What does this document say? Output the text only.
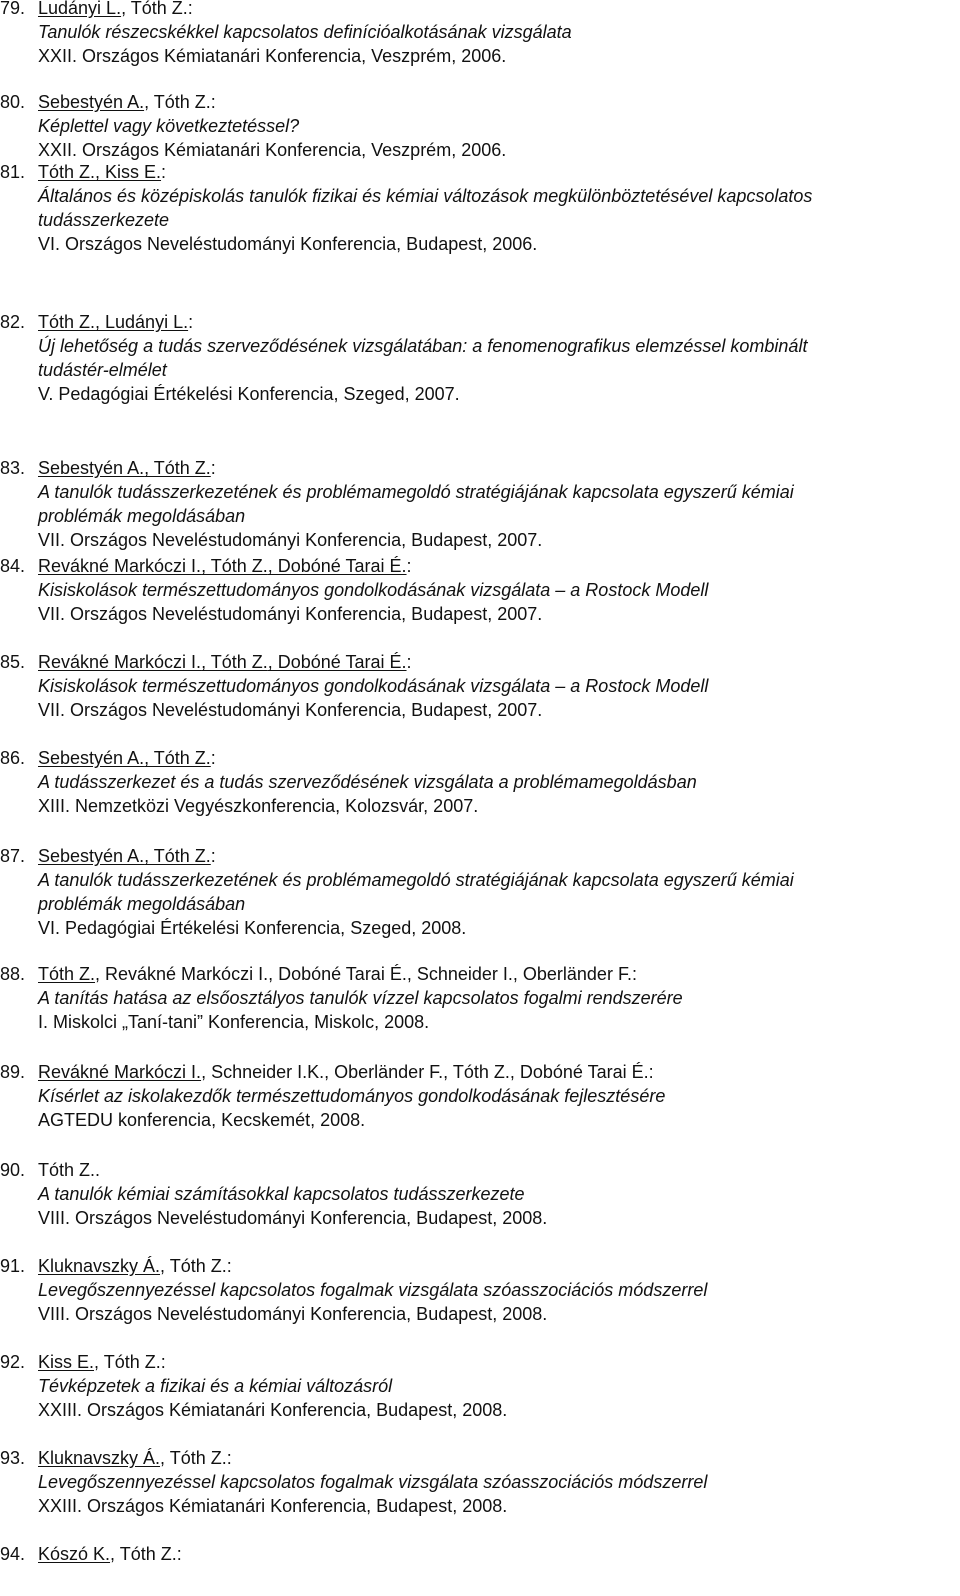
79. Ludányi L., Tóth Z.:
Tanulók részecskékkel kapcsolatos definícióalkotásának vizsgálata
XXII. Országos Kémiatanári Konferencia, Veszprém, 2006.
80. Sebestyén A., Tóth Z.:
Képlettel vagy következtetéssel?
XXII. Országos Kémiatanári Konferencia, Veszprém, 2006.
81. Tóth Z., Kiss E.:
Általános és középiskolás tanulók fizikai és kémiai változások megkülönböztetésével kapcsolatos
tudásszerkezete
VI. Országos Neveléstudományi Konferencia, Budapest, 2006.
82. Tóth Z., Ludányi L.:
Új lehetőség a tudás szerveződésének vizsgálatában: a fenomenografikus elemzéssel kombinált
tudástér-elmélet
V. Pedagógiai Értékelési Konferencia, Szeged, 2007.
83. Sebestyén A., Tóth Z.:
A tanulók tudásszerkezetének és problémamegoldó stratégiájának kapcsolata egyszerű kémiai
problémák megoldásában
VII. Országos Neveléstudományi Konferencia, Budapest, 2007.
84. Revákné Markóczi I., Tóth Z., Dobóné Tarai É.:
Kisiskolások természettudományos gondolkodásának vizsgálata – a Rostock Modell
VII. Országos Neveléstudományi Konferencia, Budapest, 2007.
85. Revákné Markóczi I., Tóth Z., Dobóné Tarai É.:
Kisiskolások természettudományos gondolkodásának vizsgálata – a Rostock Modell
VII. Országos Neveléstudományi Konferencia, Budapest, 2007.
86. Sebestyén A., Tóth Z.:
A tudásszerkezet és a tudás szerveződésének vizsgálata a problémamegoldásban
XIII. Nemzetközi Vegyészkonferencia, Kolozsvár, 2007.
87. Sebestyén A., Tóth Z.:
A tanulók tudásszerkezetének és problémamegoldó stratégiájának kapcsolata egyszerű kémiai
problémák megoldásában
VI. Pedagógiai Értékelési Konferencia, Szeged, 2008.
88. Tóth Z., Revákné Markóczi I., Dobóné Tarai É., Schneider I., Oberländer F.:
A tanítás hatása az elsőosztályos tanulók vízzel kapcsolatos fogalmi rendszerére
I. Miskolci „Taní-tani” Konferencia, Miskolc, 2008.
89. Revákné Markóczi I., Schneider I.K., Oberländer F., Tóth Z., Dobóné Tarai É.:
Kísérlet az iskolakezdők természettudományos gondolkodásának fejlesztésére
AGTEDU konferencia, Kecskemét, 2008.
90. Tóth Z..
A tanulók kémiai számításokkal kapcsolatos tudásszerkezete
VIII. Országos Neveléstudományi Konferencia, Budapest, 2008.
91. Kluknavszky Á., Tóth Z.:
Levegőszennyezéssel kapcsolatos fogalmak vizsgálata szóasszociációs módszerrel
VIII. Országos Neveléstudományi Konferencia, Budapest, 2008.
92. Kiss E., Tóth Z.:
Tévképzetek a fizikai és a kémiai változásról
XXIII. Országos Kémiatanári Konferencia, Budapest, 2008.
93. Kluknavszky Á., Tóth Z.:
Levegőszennyezéssel kapcsolatos fogalmak vizsgálata szóasszociációs módszerrel
XXIII. Országos Kémiatanári Konferencia, Budapest, 2008.
94. Kószó K., Tóth Z.:
